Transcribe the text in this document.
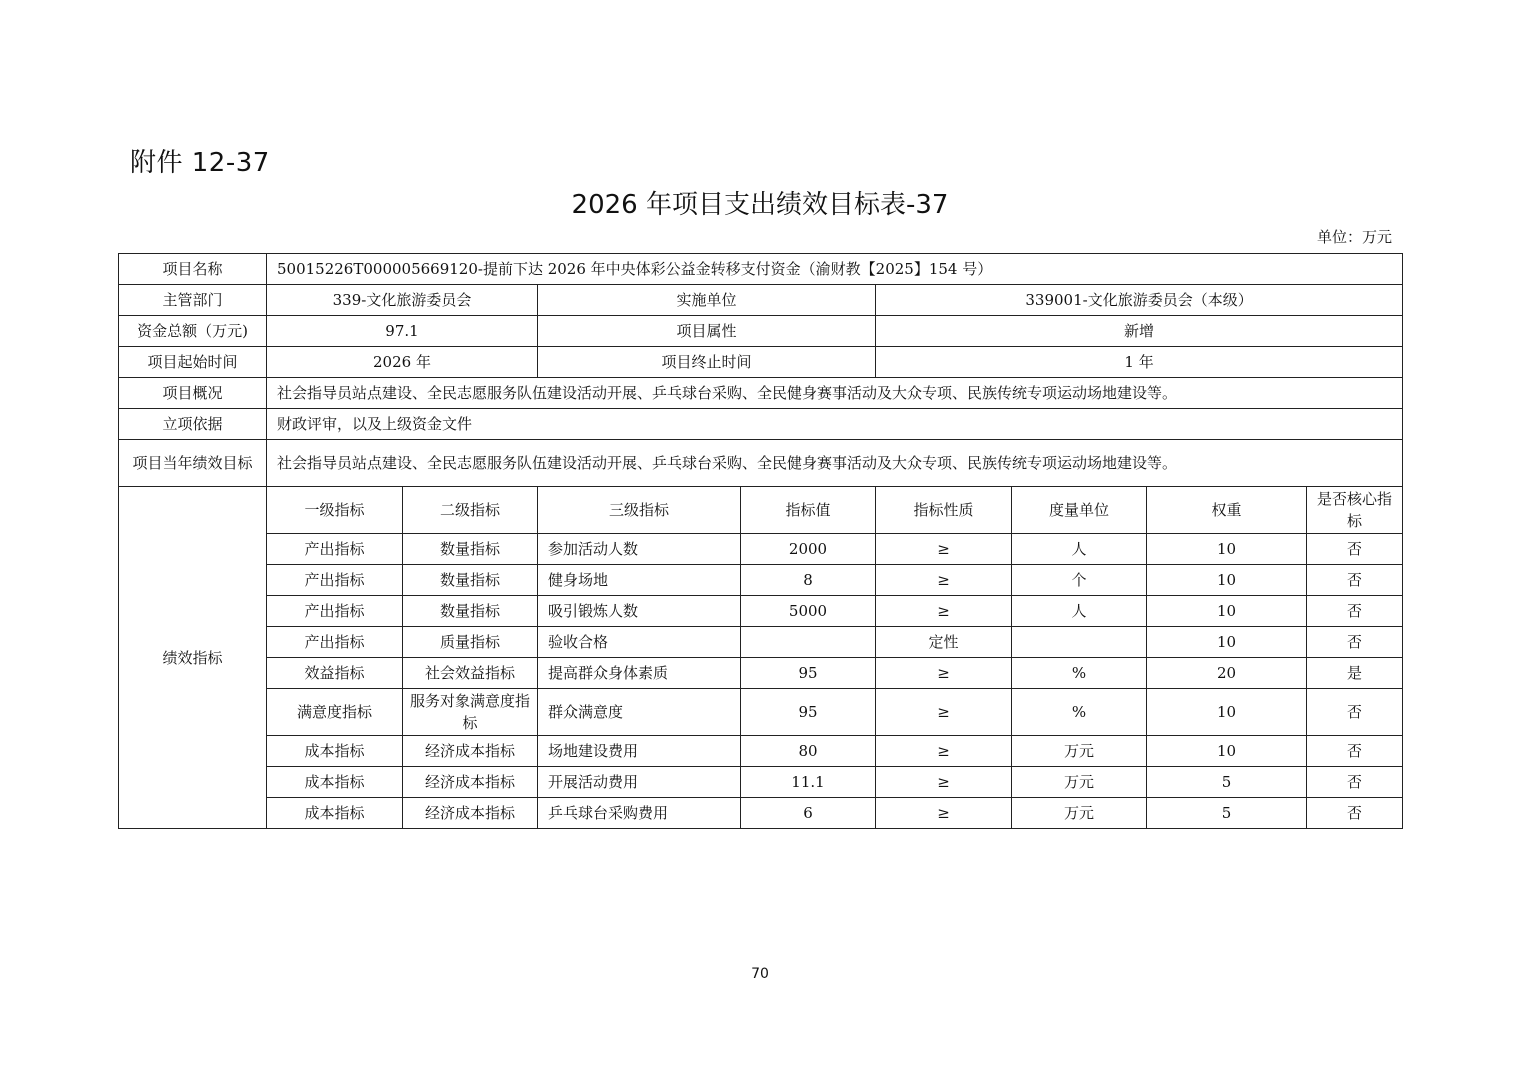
附件 12-37
2026 年项目支出绩效目标表-37
单位：万元
项目名称	50015226T000005669120-提前下达 2026 年中央体彩公益金转移支付资金（渝财教【2025】154 号）							
主管部门	339-文化旅游委员会		实施单位		339001-文化旅游委员会（本级）			
资金总额（万元)	97.1		项目属性		新增			
项目起始时间	2026 年		项目终止时间		1 年			
项目概况	社会指导员站点建设、全民志愿服务队伍建设活动开展、乒乓球台采购、全民健身赛事活动及大众专项、民族传统专项运动场地建设等。							
立项依据	财政评审，以及上级资金文件							
项目当年绩效目标	社会指导员站点建设、全民志愿服务队伍建设活动开展、乒乓球台采购、全民健身赛事活动及大众专项、民族传统专项运动场地建设等。							
绩效指标	一级指标	二级指标	三级指标	指标值	指标性质	度量单位	权重	是否核心指标
	产出指标	数量指标	参加活动人数	2000	≥	人	10	否
	产出指标	数量指标	健身场地	8	≥	个	10	否
	产出指标	数量指标	吸引锻炼人数	5000	≥	人	10	否
	产出指标	质量指标	验收合格		定性		10	否
	效益指标	社会效益指标	提高群众身体素质	95	≥	%	20	是
	满意度指标	服务对象满意度指标	群众满意度	95	≥	%	10	否
	成本指标	经济成本指标	场地建设费用	80	≥	万元	10	否
	成本指标	经济成本指标	开展活动费用	11.1	≥	万元	5	否
	成本指标	经济成本指标	乒乓球台采购费用	6	≥	万元	5	否
70
